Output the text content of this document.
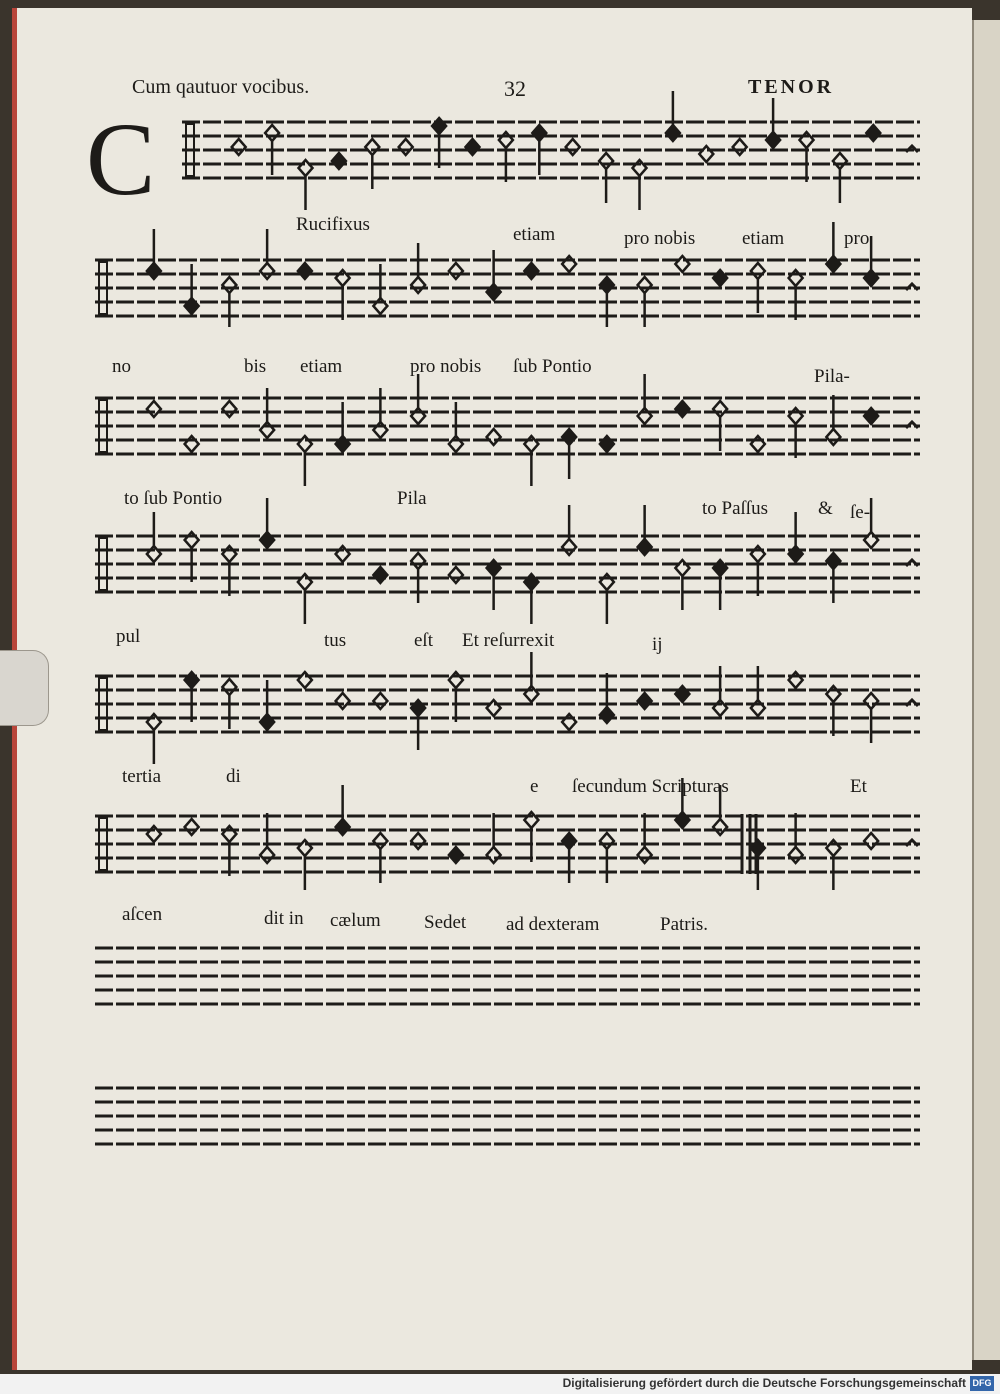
Cum qautuor vocibus.	32	TENOR
C
Rucifixus	etiam	pro nobis etiam	pro
no	bis etiam	pro nobis ſub Pontio	Pila-
to ſub Pontio	Pila	to Paſſus	& ſe-
pul	tus	eſt Et reſurrexit	ij
tertia	di	e ſecundum Scripturas	Et
aſcen	dit in cælum Sedet ad dexteram	Patris.
Digitalisierung gefördert durch die Deutsche Forschungsgemeinschaft DFG
